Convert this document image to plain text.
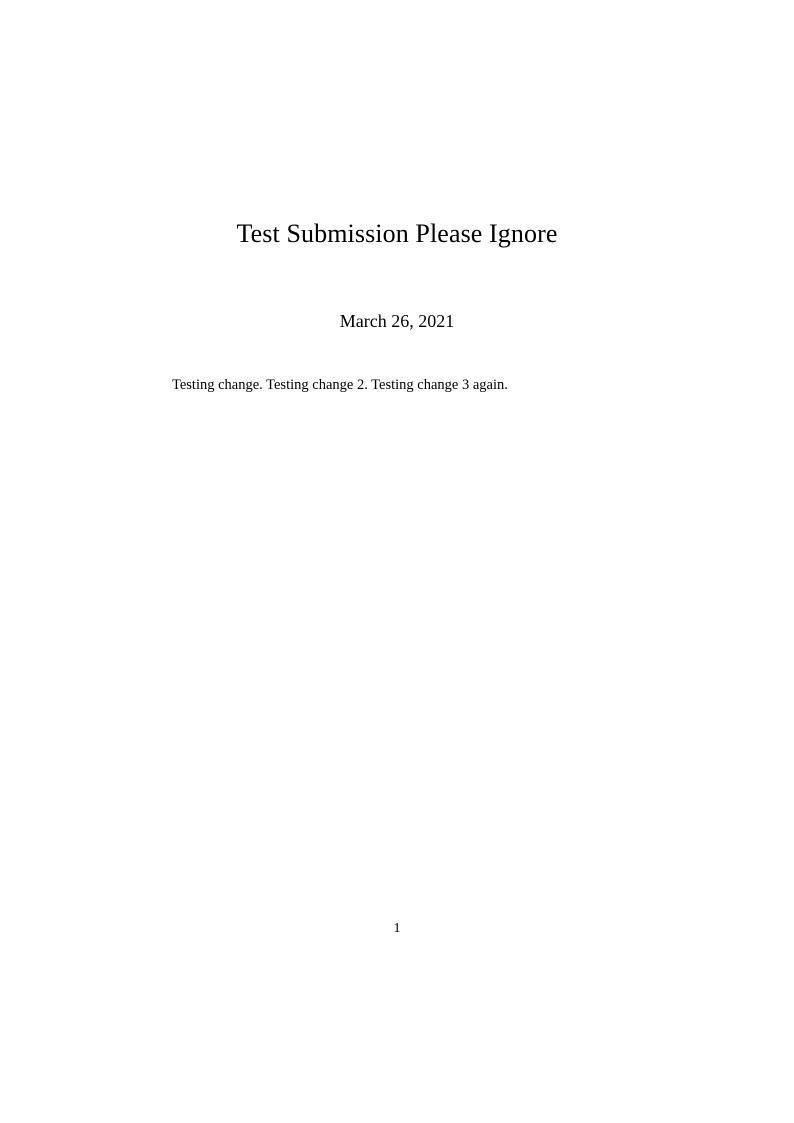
Test Submission Please Ignore
March 26, 2021

Testing change. Testing change 2. Testing change 3 again.

1
